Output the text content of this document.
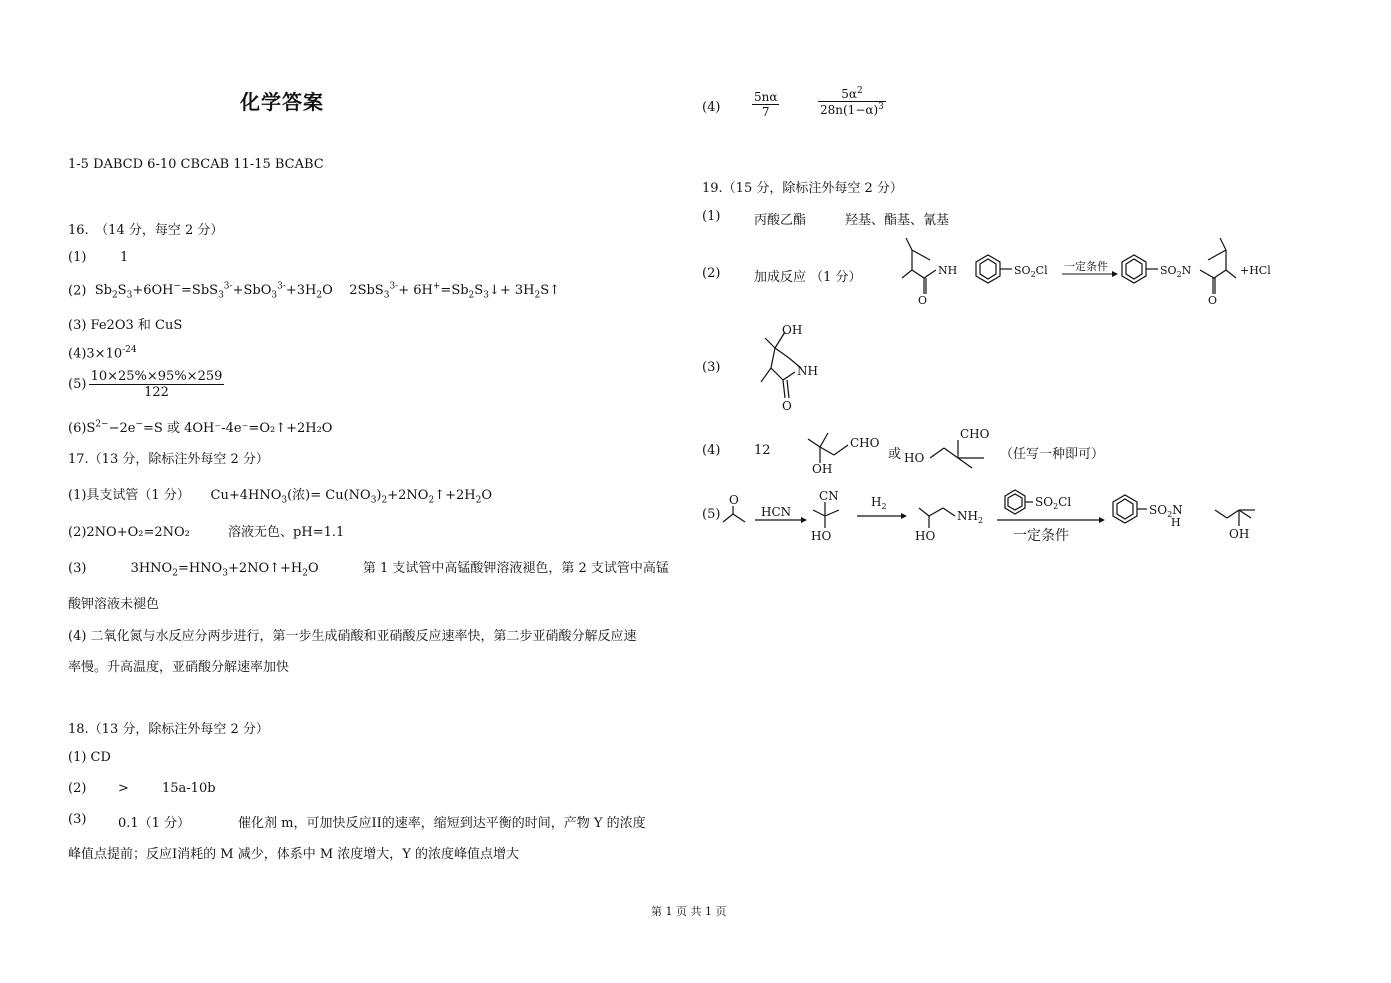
化学答案
1-5 DABCD 6-10 CBCAB 11-15 BCABC
16.　（14 分，每空 2 分）
(1)	1
(2)  $Sb_2S_3+6OH^-=SbS_3^{3-}+SbO_3^{3-}+3H_2O$    $2SbS_3^{3-}+ 6H^+=Sb_2S_3↓+$ $3H_2S↑$
(3) Fe2O3 和 CuS
$(4)3\times 10^{-24}$
$(5) \frac{10\times 25\%\times 95\%\times 259}{122}$
$(6)S^{2-}-2e^-=S$ 或 4OH⁻-4e⁻=O₂↑+2H₂O
17.（13 分，除标注外每空 2 分）
(1)具支试管（1 分）     $Cu+4HNO_3$(浓)= $Cu(NO_3)_2+2NO_2↑+2H_2O$
(2)2NO+O₂=2NO₂	溶液无色、pH=1.1
(3)	$3HNO_2=HNO_3+2NO↑+H_2O$	第 1 支试管中高锰酸钾溶液褪色，第 2 支试管中高锰
酸钾溶液未褪色
(4) 二氧化氮与水反应分两步进行，第一步生成硝酸和亚硝酸反应速率快，第二步亚硝酸分解反应速
率慢。升高温度，亚硝酸分解速率加快
18.（13 分，除标注外每空 2 分）
(1) CD
(2) >	15a-10b
(3) 0.1（1 分）	催化剂 m，可加快反应II的速率，缩短到达平衡的时间，产物 Y 的浓度
峰值点提前；反应I消耗的 M 减少，体系中 M 浓度增大，Y 的浓度峰值点增大
(4)	$\frac{5n\alpha}{7}$	$\frac{5\alpha^2}{28n(1-\alpha)^3}$
19.（15 分，除标注外每空 2 分）
(1)	丙酸乙酯	羟基、酯基、氰基
(2)	加成反应 （1 分）
O
NH	$SO_2Cl$ 一定条件	$SO_2N$
O
+HCl
(3)
OH
NH
O
(4)	12	CHO
OH
或 HO
CHO
（任写一种即可）
(5)
O
HCN
CN
HO
$H_2$
HO
$NH_2$
$SO_2Cl$
一定条件
$SO_2N$
H
OH
第 1 页 共 1 页
